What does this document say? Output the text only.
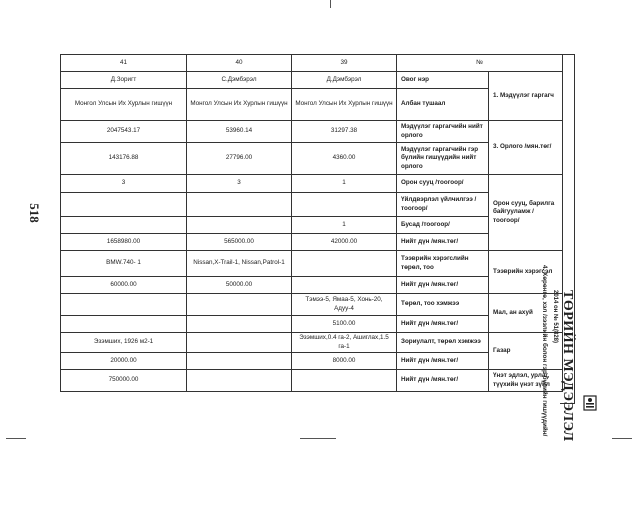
518
41	40	39	№	
Д.Зоригт	С.Дэмбэрэл	Д.Дэмбэрэл	Овог нэр	1. Мэдүүлэг гаргагч
Монгол Улсын Их Хурлын гишүүн	Монгол Улсын Их Хурлын гишүүн	Монгол Улсын Их Хурлын гишүүн	Албан тушаал	
2047543.17	53960.14	31297.38	Мэдүүлэг гаргагчийн нийт орлого	3. Орлого /мян.төг/
143176.88	27796.00	4360.00	Мэдүүлэг гаргагчийн гэр бүлийн гишүүдийн нийт орлого	
3	3	1	Орон сууц /тоогоор/	Орон сууц, барилга байгууламж /тоогоор/
			Үйлдвэрлэл үйлчилгээ /тоогоор/	
		1	Бусад /тоогоор/	
1658980.00	565000.00	42000.00	Нийт дүн /мян.төг/	
BMW.740- 1	Nissan,X-Trail-1, Nissan,Patrol-1		Тээврийн хэрэгслийн төрөл, тоо	Тээврийн хэрэгсэл
60000.00	50000.00		Нийт дүн /мян.төг/	
		Тэмээ-5, Ямаа-5, Хонь-20, Адуу-4	Төрөл, тоо хэмжээ	Мал, ан ахуй
		5100.00	Нийт дүн /мян.төг/	
Эзэмших, 1926 м2-1		Эзэмших,0.4 га-2, Ашиглах,1.5 га-1	Зориулалт, төрөл хэмжээ	Газар
20000.00		8000.00	Нийт дүн /мян.төг/	
750000.00			Нийт дүн /мян.төг/	Үнэт эдлэл, урлаг, түүхийн үнэт зүйл
4. Хөрөнгө, хэл /зээлийн болон гэр бүлийн гишүүдийн/ ТӨРИЙН МЭДЭЭЛЭЛ
2014 он № 51(828)
